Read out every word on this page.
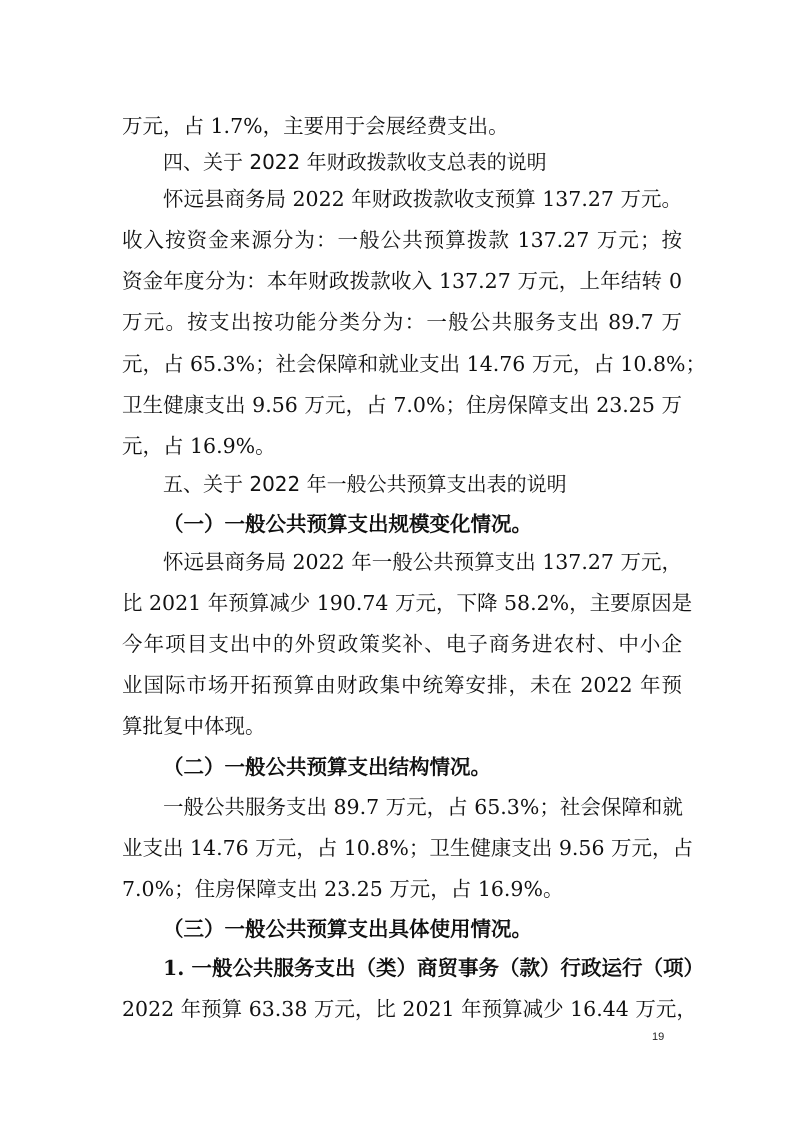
万元，占 1.7%，主要用于会展经费支出。
四、关于 2022 年财政拨款收支总表的说明
怀远县商务局 2022 年财政拨款收支预算 137.27 万元。
收入按资金来源分为：一般公共预算拨款 137.27 万元；按
资金年度分为：本年财政拨款收入 137.27 万元，上年结转 0
万元。按支出按功能分类分为：一般公共服务支出 89.7 万
元，占 65.3%；社会保障和就业支出 14.76 万元，占 10.8%；
卫生健康支出 9.56 万元，占 7.0%；住房保障支出 23.25 万
元，占 16.9%。
五、关于 2022 年一般公共预算支出表的说明
（一）一般公共预算支出规模变化情况。
怀远县商务局 2022 年一般公共预算支出 137.27 万元，
比 2021 年预算减少 190.74 万元，下降 58.2%，主要原因是
今年项目支出中的外贸政策奖补、电子商务进农村、中小企
业国际市场开拓预算由财政集中统筹安排，未在 2022 年预
算批复中体现。
（二）一般公共预算支出结构情况。
一般公共服务支出 89.7 万元，占 65.3%；社会保障和就
业支出 14.76 万元，占 10.8%；卫生健康支出 9.56 万元，占
7.0%；住房保障支出 23.25 万元，占 16.9%。
（三）一般公共预算支出具体使用情况。
1. 一般公共服务支出（类）商贸事务（款）行政运行（项）
2022 年预算 63.38 万元，比 2021 年预算减少 16.44 万元，
19
